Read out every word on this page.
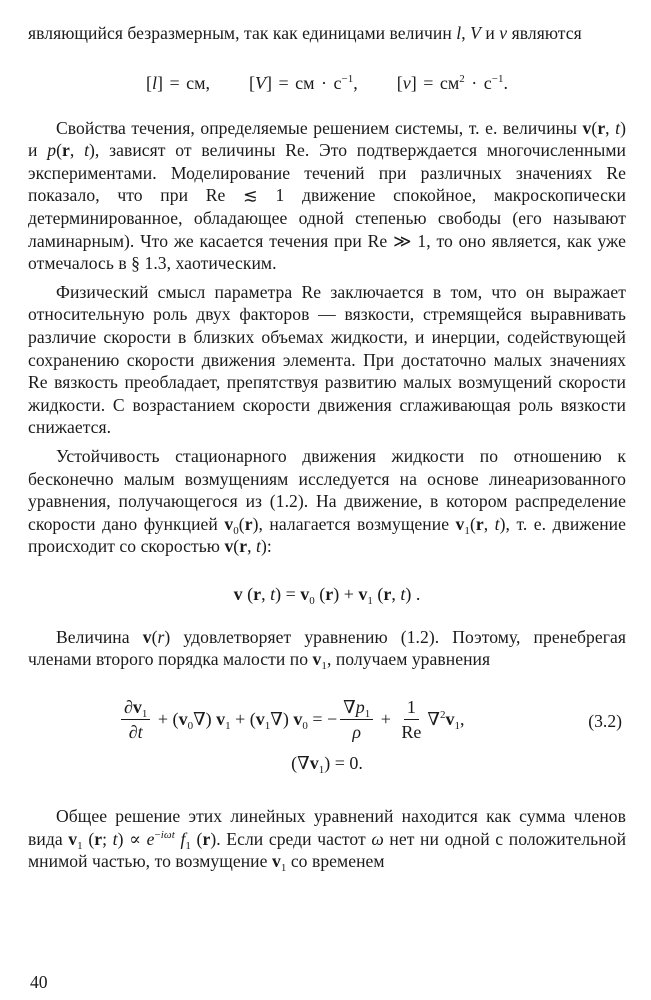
являющийся безразмерным, так как единицами величин l, V и ν являются

[l] = см,      [V] = см · $c^{-1}$,      $[\nu] = см^2 \cdot c^{-1}$.

Свойства течения, определяемые решением системы, т. е. величины v(r, t) и p(r, t), зависят от величины Re. Это подтверждается многочисленными экспериментами. Моделирование течений при различных значениях Re показало, что при Re ≲ 1 движение спокойное, макроскопически детерминированное, обладающее одной степенью свободы (его называют ламинарным). Что же касается течения при Re ≫ 1, то оно является, как уже отмечалось в § 1.3, хаотическим.

Физический смысл параметра Re заключается в том, что он выражает относительную роль двух факторов — вязкости, стремящейся выравнивать различие скорости в близких объемах жидкости, и инерции, содействующей сохранению скорости движения элемента. При достаточно малых значениях Re вязкость преобладает, препятствуя развитию малых возмущений скорости жидкости. С возрастанием скорости движения сглаживающая роль вязкости снижается.

Устойчивость стационарного движения жидкости по отношению к бесконечно малым возмущениям исследуется на основе линеаризованного уравнения, получающегося из (1.2). На движение, в котором распределение скорости дано функцией $v_0(r)$, налагается возмущение $v_1(r$, t), т. е. движение происходит со скоростью v(r, t):

v (r, $t) = v_0$ $(r) + v_1$ (r, t) .

Величина v(r) удовлетворяет уравнению (1.2). Поэтому, пренебрегая членами второго порядка малости по $v_1$, получаем уравнения

$\frac{\partial v_1}{\partial t} + (v_0\nabla) v_1 + (v_1\nabla) v_0$ = − $\frac{\nabla p_1}{\rho} + \frac{1}{Re} \nabla^2v_1$,
$(\nabla v_1) = 0$.
(3.2)

Общее решение этих линейных уравнений находится как сумма членов вида $v_1$ (r; $t) \propto e^{-i\omega t}$ $f_1$ (r). Если среди частот ω нет ни одной с положительной мнимой частью, то возмущение $v_1$ со временем

40
